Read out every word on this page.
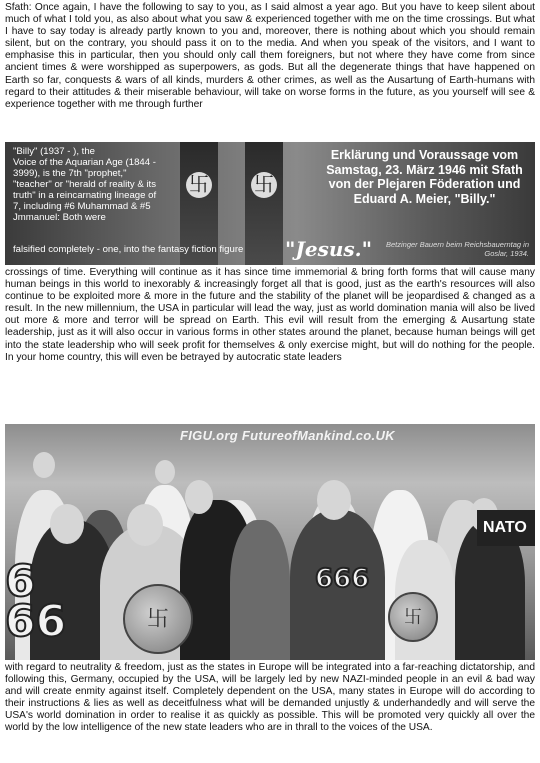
Sfath: Once again, I have the following to say to you, as I said almost a year ago. But you have to keep silent about much of what I told you, as also about what you saw & experienced together with me on the time crossings. But what I have to say today is already partly known to you and, moreover, there is nothing about which you should remain silent, but on the contrary, you should pass it on to the media. And when you speak of the visitors, and I want to emphasise this in particular, then you should only call them foreigners, but not where they have come from since ancient times & were worshipped as superpowers, as gods. But all the degenerate things that have happened on Earth so far, conquests & wars of all kinds, murders & other crimes, as well as the Ausartung of Earth-humans with regard to their attitudes & their miserable behaviour, will take on worse forms in the future, as you yourself will see & experience together with me through further

卐 卐
"Billy" (1937 - ), the
Voice of the Aquarian Age (1844 - 3999), is the 7th "prophet," "teacher" or "herald of reality & its truth" in a reincarnating lineage of 7, including #6 Muhammad & #5 Jmmanuel: Both were
falsified completely - one, into the fantasy fiction figure
Erklärung und Voraussage vom Samstag, 23. März 1946 mit Sfath von der Plejaren Föderation und Eduard A. Meier, "Billy."
"Jesus."	Betzinger Bauern beim Reichsbauerntag in Goslar, 1934.

crossings of time. Everything will continue as it has since time immemorial & bring forth forms that will cause many human beings in this world to inexorably & increasingly forget all that is good, just as the earth's resources will also continue to be exploited more & more in the future and the stability of the planet will be jeopardised & changed as a result. In the new millennium, the USA in particular will lead the way, just as world domination mania will also be lived out more & more and terror will be spread on Earth. This evil will result from the emerging & Ausartung state leadership, just as it will also occur in various forms in other states around the planet, because human beings will get into the state leadership who will seek profit for themselves & only exercise might, but will do nothing for the people. In your home country, this will even be betrayed by autocratic state leaders

FIGU.org FutureofMankind.co.UK
6 66
666
NATO
卐	卐

with regard to neutrality & freedom, just as the states in Europe will be integrated into a far-reaching dictatorship, and following this, Germany, occupied by the USA, will be largely led by new NAZI-minded people in an evil & bad way and will create enmity against itself. Completely dependent on the USA, many states in Europe will do according to their instructions & lies as well as deceitfulness what will be demanded unjustly & underhandedly and will serve the USA's world domination in order to realise it as quickly as possible. This will be promoted very quickly all over the world by the low intelligence of the new state leaders who are in thrall to the voices of the USA.
